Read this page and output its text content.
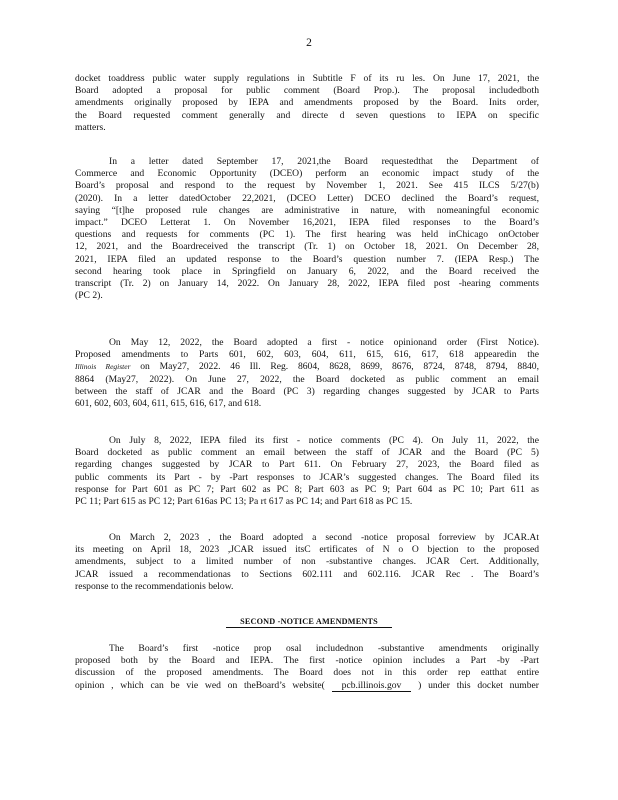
2
docket toaddress public water supply regulations in Subtitle F of its ru les. On June 17, 2021, the
Board adopted a proposal for public comment (Board Prop.). The proposal includedboth
amendments originally proposed by IEPA and amendments proposed by the Board. Inits order,
the Board requested comment generally and directe d seven questions to IEPA on specific
matters.
In a letter dated September 17, 2021,the Board requestedthat the Department of
Commerce and Economic Opportunity (DCEO) perform an economic impact study of the
Board’s proposal and respond to the request by November 1, 2021. See 415 ILCS 5/27(b)
(2020). In a letter datedOctober 22,2021, (DCEO Letter) DCEO declined the Board’s request,
saying “[t]he proposed rule changes are administrative in nature, with nomeaningful economic
impact.” DCEO Letterat 1. On November 16,2021, IEPA filed responses to the Board’s
questions and requests for comments (PC 1). The first hearing was held inChicago onOctober
12, 2021, and the Boardreceived the transcript (Tr. 1) on October 18, 2021. On December 28,
2021, IEPA filed an updated response to the Board’s question number 7. (IEPA Resp.) The
second hearing took place in Springfield on January 6, 2022, and the Board received the
transcript (Tr. 2) on January 14, 2022. On January 28, 2022, IEPA filed post -hearing comments
(PC 2).
On May 12, 2022, the Board adopted a first - notice opinionand order (First Notice).
Proposed amendments to Parts 601, 602, 603, 604, 611, 615, 616, 617, 618 appearedin the
Illinois Register on May27, 2022. 46 Ill. Reg. 8604, 8628, 8699, 8676, 8724, 8748, 8794, 8840,
8864 (May27, 2022). On June 27, 2022, the Board docketed as public comment an email
between the staff of JCAR and the Board (PC 3) regarding changes suggested by JCAR to Parts
601, 602, 603, 604, 611, 615, 616, 617, and 618.
On July 8, 2022, IEPA filed its first - notice comments (PC 4). On July 11, 2022, the
Board docketed as public comment an email between the staff of JCAR and the Board (PC 5)
regarding changes suggested by JCAR to Part 611. On February 27, 2023, the Board filed as
public comments its Part - by -Part responses to JCAR’s suggested changes. The Board filed its
response for Part 601 as PC 7; Part 602 as PC 8; Part 603 as PC 9; Part 604 as PC 10; Part 611 as
PC 11; Part 615 as PC 12; Part 616as PC 13; Pa rt 617 as PC 14; and Part 618 as PC 15.
On March 2, 2023 , the Board adopted a second -notice proposal forreview by JCAR.At
its meeting on April 18, 2023 ,JCAR issued itsC ertificates of N o O bjection to the proposed
amendments, subject to a limited number of non -substantive changes. JCAR Cert. Additionally,
JCAR issued a recommendationas to Sections 602.111 and 602.116. JCAR Rec . The Board’s
response to the recommendationis below.
SECOND -NOTICE AMENDMENTS
The Board’s first -notice prop osal includednon -substantive amendments originally
proposed both by the Board and IEPA. The first -notice opinion includes a Part -by -Part
discussion of the proposed amendments. The Board does not in this order rep eatthat entire
opinion , which can be vie wed on theBoard’s website( pcb.illinois.gov ) under this docket number
